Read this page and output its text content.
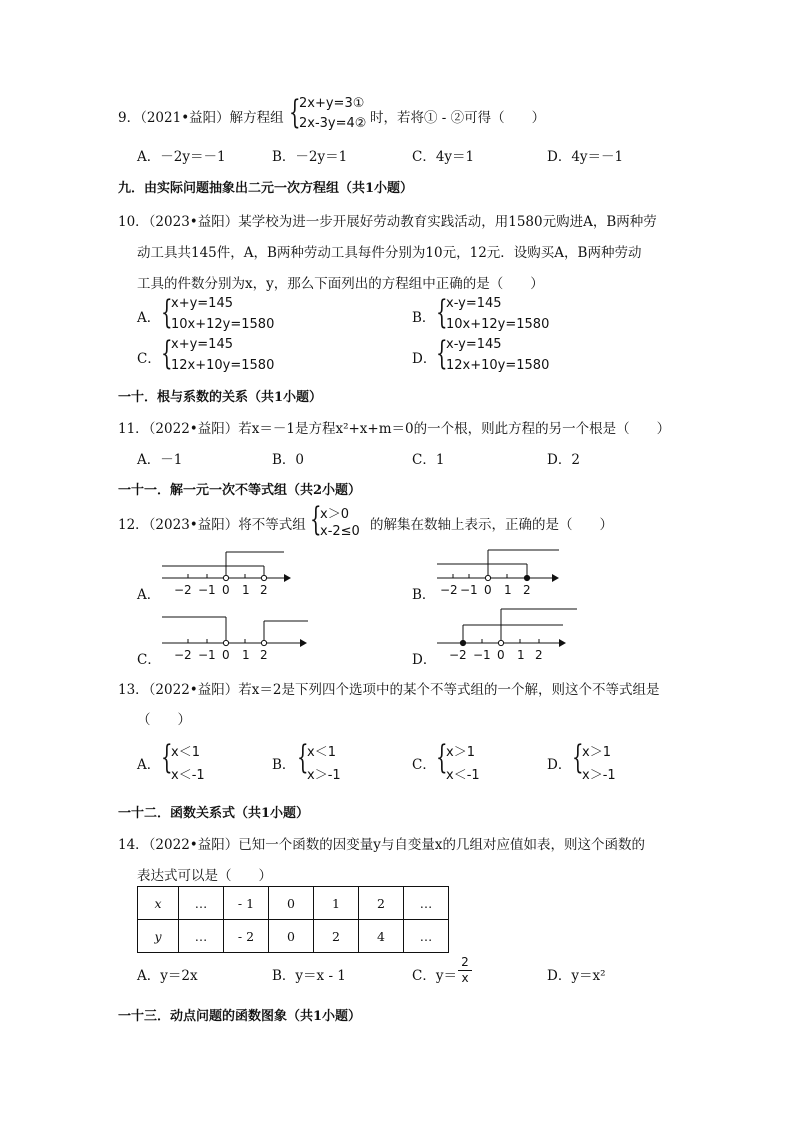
9．（2021•益阳）解方程组 {
2x+y=3①
2x-3y=4② 时，若将① - ②可得（　　）
A．－2y＝－1	B．－2y＝1	C．4y＝1	D．4y＝－1
九．由实际问题抽象出二元一次方程组（共1小题）
10．（2023•益阳）某学校为进一步开展好劳动教育实践活动，用1580元购进A，B两种劳
动工具共145件，A，B两种劳动工具每件分别为10元，12元．设购买A，B两种劳动
工具的件数分别为x，y，那么下面列出的方程组中正确的是（　　）
A． {
x+y=145
10x+12y=1580	B． {
x-y=145
10x+12y=1580
C． {
x+y=145
12x+10y=1580	D． {
x-y=145
12x+10y=1580
一十．根与系数的关系（共1小题）
11．（2022•益阳）若x＝－1是方程x²+x+m＝0的一个根，则此方程的另一个根是（　　）
A．－1	B．0	C．1	D．2
一十一．解一元一次不等式组（共2小题）
12．（2023•益阳）将不等式组 {
x＞0
x-2≤0 的解集在数轴上表示，正确的是（　　）
A． −2 −1 0 1 2	B． −2 −1 0 1 2
C． −2 −1 0 1 2	D． −2 −1 0 1 2
13．（2022•益阳）若x＝2是下列四个选项中的某个不等式组的一个解，则这个不等式组是
（　　）
A． {
x＜1
x＜-1
B． {
x＜1
x＞-1
C． {
x＞1
x＜-1
D． {
x＞1
x＞-1
一十二．函数关系式（共1小题）
14．（2022•益阳）已知一个函数的因变量y与自变量x的几组对应值如表，则这个函数的
表达式可以是（　　）
x	…	- 1	0	1	2	…
y	…	- 2	0	2	4	…
A．y＝2x	B．y＝x - 1	C．$y= \frac{2}{x}$	D．y＝x²
一十三．动点问题的函数图象（共1小题）
